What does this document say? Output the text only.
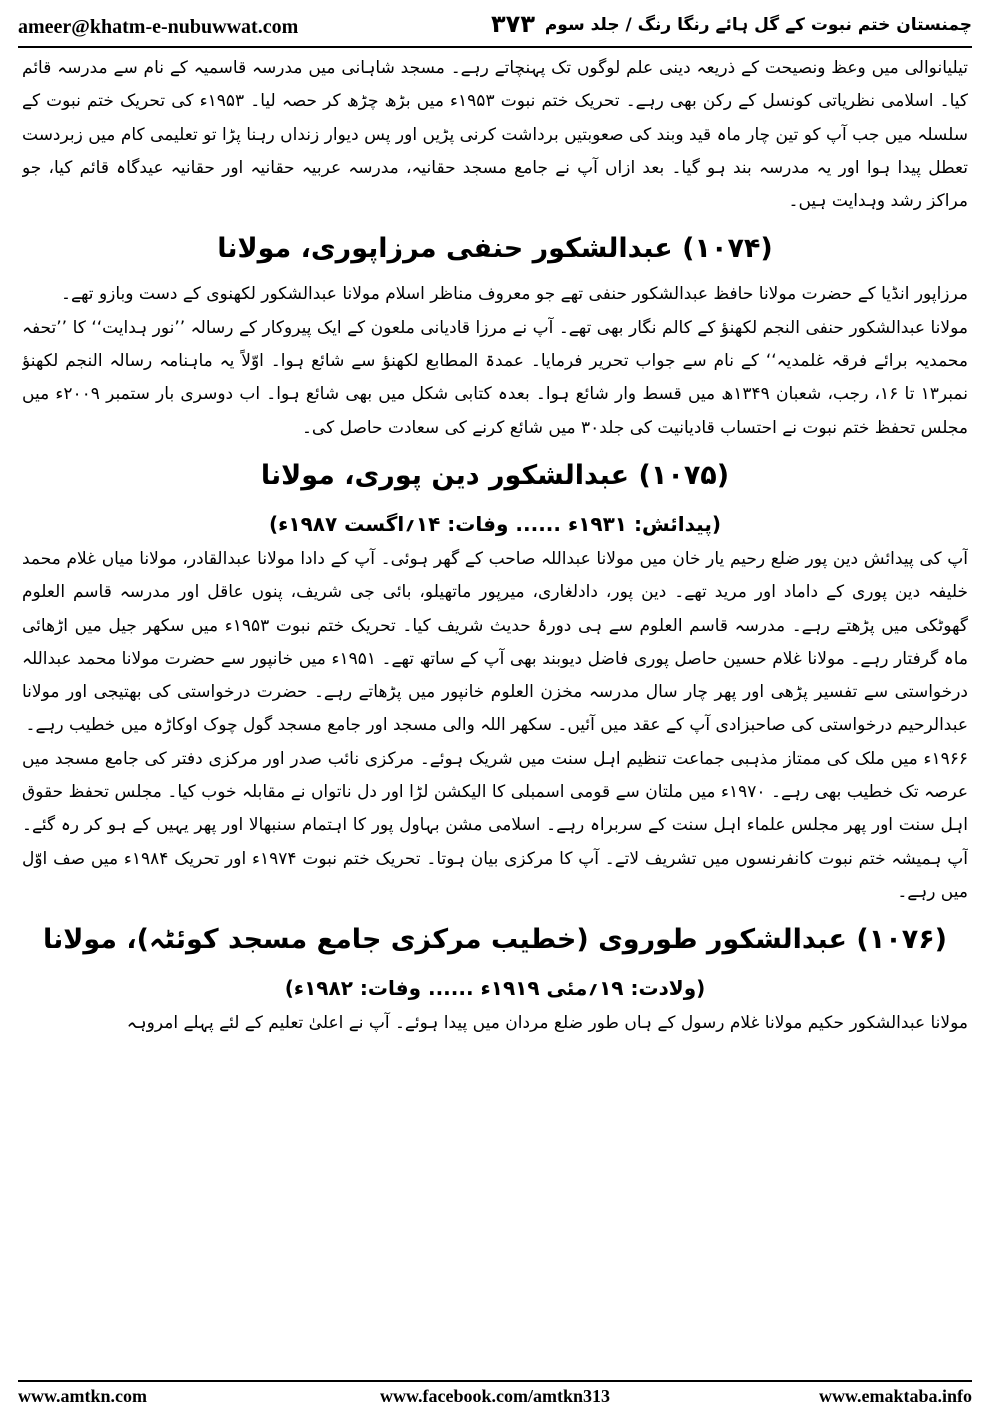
ameer@khatm-e-nubuwwat.com	۳۷۳ چمنستان ختم نبوت کے گل ہائے رنگا رنگ / جلد سوم

تیلیانوالی میں وعظ ونصیحت کے ذریعہ دینی علم لوگوں تک پہنچاتے رہے۔ مسجد شاہانی میں مدرسہ قاسمیہ کے نام سے مدرسہ قائم کیا۔ اسلامی نظریاتی کونسل کے رکن بھی رہے۔ تحریک ختم نبوت ۱۹۵۳ء میں بڑھ چڑھ کر حصہ لیا۔ ۱۹۵۳ء کی تحریک ختم نبوت کے سلسلہ میں جب آپ کو تین چار ماہ قید وبند کی صعوبتیں برداشت کرنی پڑیں اور پس دیوار زنداں رہنا پڑا تو تعلیمی کام میں زبردست تعطل پیدا ہوا اور یہ مدرسہ بند ہو گیا۔ بعد ازاں آپ نے جامع مسجد حقانیہ، مدرسہ عربیہ حقانیہ اور حقانیہ عیدگاہ قائم کیا، جو مراکز رشد وہدایت ہیں۔

(۱۰۷۴) عبدالشکور حنفی مرزاپوری، مولانا

مرزاپور انڈیا کے حضرت مولانا حافظ عبدالشکور حنفی تھے جو معروف مناظر اسلام مولانا عبدالشکور لکھنوی کے دست وبازو تھے۔

مولانا عبدالشکور حنفی النجم لکھنؤ کے کالم نگار بھی تھے۔ آپ نے مرزا قادیانی ملعون کے ایک پیروکار کے رسالہ ’’نور ہدایت‘‘ کا ’’تحفہ محمدیہ برائے فرقہ غلمدیہ‘‘ کے نام سے جواب تحریر فرمایا۔ عمدۃ المطابع لکھنؤ سے شائع ہوا۔ اوّلاً یہ ماہنامہ رسالہ النجم لکھنؤ نمبر۱۳ تا ۱۶، رجب، شعبان ۱۳۴۹ھ میں قسط وار شائع ہوا۔ بعدہ کتابی شکل میں بھی شائع ہوا۔ اب دوسری بار ستمبر ۲۰۰۹ء میں مجلس تحفظ ختم نبوت نے احتساب قادیانیت کی جلد۳۰ میں شائع کرنے کی سعادت حاصل کی۔

(۱۰۷۵) عبدالشکور دین پوری، مولانا
(پیدائش: ۱۹۳۱ء ...... وفات: ۱۴؍اگست ۱۹۸۷ء)

آپ کی پیدائش دین پور ضلع رحیم یار خان میں مولانا عبداللہ صاحب کے گھر ہوئی۔ آپ کے دادا مولانا عبدالقادر، مولانا میاں غلام محمد خلیفہ دین پوری کے داماد اور مرید تھے۔ دین پور، دادلغاری، میرپور ماتھیلو، بائی جی شریف، پنوں عاقل اور مدرسہ قاسم العلوم گھوٹکی میں پڑھتے رہے۔ مدرسہ قاسم العلوم سے ہی دورۂ حدیث شریف کیا۔ تحریک ختم نبوت ۱۹۵۳ء میں سکھر جیل میں اڑھائی ماہ گرفتار رہے۔ مولانا غلام حسین حاصل پوری فاضل دیوبند بھی آپ کے ساتھ تھے۔ ۱۹۵۱ء میں خانپور سے حضرت مولانا محمد عبداللہ درخواستی سے تفسیر پڑھی اور پھر چار سال مدرسہ مخزن العلوم خانپور میں پڑھاتے رہے۔ حضرت درخواستی کی بھتیجی اور مولانا عبدالرحیم درخواستی کی صاحبزادی آپ کے عقد میں آئیں۔ سکھر اللہ والی مسجد اور جامع مسجد گول چوک اوکاڑہ میں خطیب رہے۔

۱۹۶۶ء میں ملک کی ممتاز مذہبی جماعت تنظیم اہل سنت میں شریک ہوئے۔ مرکزی نائب صدر اور مرکزی دفتر کی جامع مسجد میں عرصہ تک خطیب بھی رہے۔ ۱۹۷۰ء میں ملتان سے قومی اسمبلی کا الیکشن لڑا اور دل ناتواں نے مقابلہ خوب کیا۔ مجلس تحفظ حقوق اہل سنت اور پھر مجلس علماء اہل سنت کے سربراہ رہے۔ اسلامی مشن بہاول پور کا اہتمام سنبھالا اور پھر یہیں کے ہو کر رہ گئے۔ آپ ہمیشہ ختم نبوت کانفرنسوں میں تشریف لاتے۔ آپ کا مرکزی بیان ہوتا۔ تحریک ختم نبوت ۱۹۷۴ء اور تحریک ۱۹۸۴ء میں صف اوّل میں رہے۔

(۱۰۷۶) عبدالشکور طوروی (خطیب مرکزی جامع مسجد کوئٹہ)، مولانا
(ولادت: ۱۹؍مئی ۱۹۱۹ء ...... وفات: ۱۹۸۲ء)

مولانا عبدالشکور حکیم مولانا غلام رسول کے ہاں طور ضلع مردان میں پیدا ہوئے۔ آپ نے اعلیٰ تعلیم کے لئے پہلے امروہہ

www.amtkn.com	www.facebook.com/amtkn313	www.emaktaba.info
